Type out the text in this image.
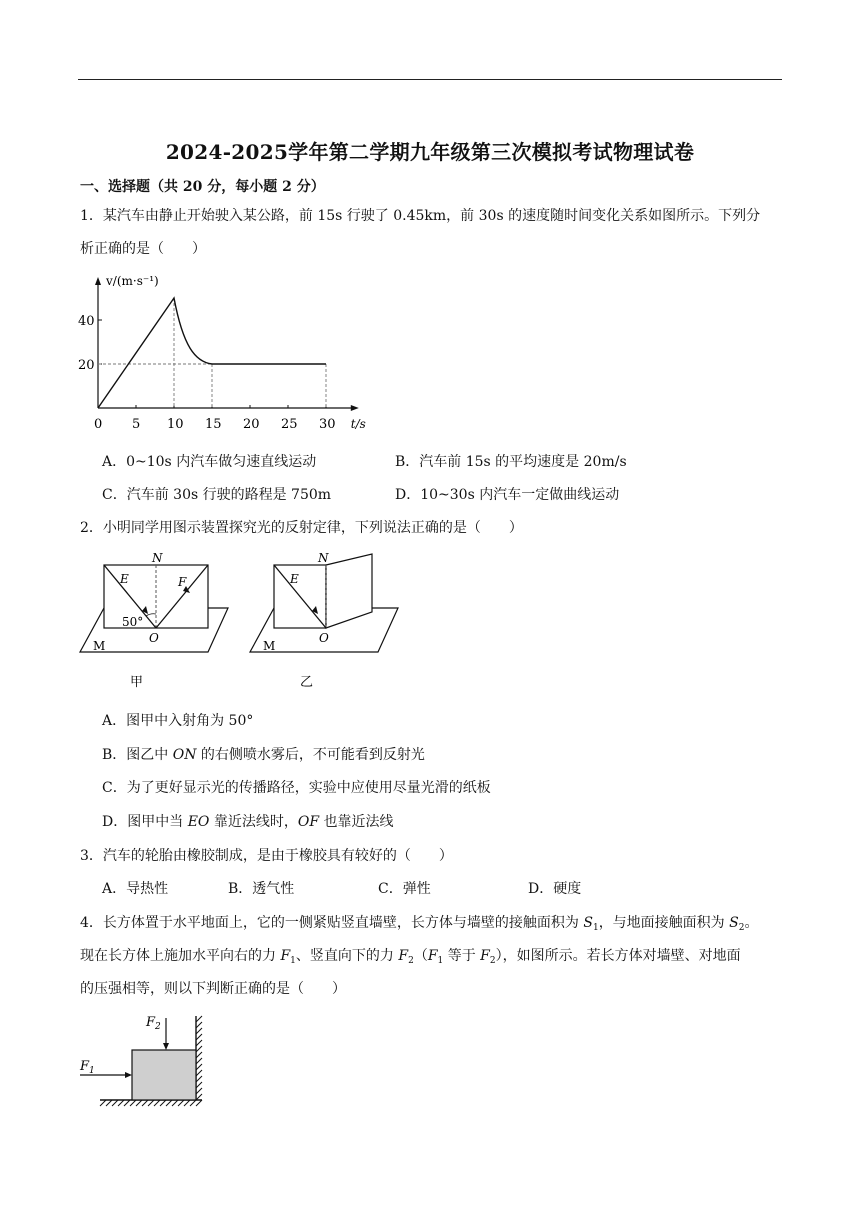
2024-2025学年第二学期九年级第三次模拟考试物理试卷
一、选择题（共 20 分，每小题 2 分）
1．某汽车由静止开始驶入某公路，前 15s 行驶了 0.45km，前 30s 的速度随时间变化关系如图所示。下列分
析正确的是（　　）
v/(m·s⁻¹)
t/s
0 5 10 15 20 25 30
20
40
A．0~10s 内汽车做匀速直线运动	B．汽车前 15s 的平均速度是 20m/s
C．汽车前 30s 行驶的路程是 750m	D．10~30s 内汽车一定做曲线运动
2．小明同学用图示装置探究光的反射定律，下列说法正确的是（　　）
N
E	F
50°
O
M
甲
N
E
O
M
乙
A．图甲中入射角为 50°
B．图乙中 ON 的右侧喷水雾后，不可能看到反射光
C．为了更好显示光的传播路径，实验中应使用尽量光滑的纸板
D．图甲中当 EO 靠近法线时，OF 也靠近法线
3．汽车的轮胎由橡胶制成，是由于橡胶具有较好的（　　）
A．导热性	B．透气性	C．弹性	D．硬度
4．长方体置于水平地面上，它的一侧紧贴竖直墙壁，长方体与墙壁的接触面积为 $S_1$，与地面接触面积为 $S_2$。
现在长方体上施加水平向右的力 $F_1$、竖直向下的力 $F_2(F_1$ 等于 $F_2$），如图所示。若长方体对墙壁、对地面
的压强相等，则以下判断正确的是（　　）
$F_1$
$F_2$
